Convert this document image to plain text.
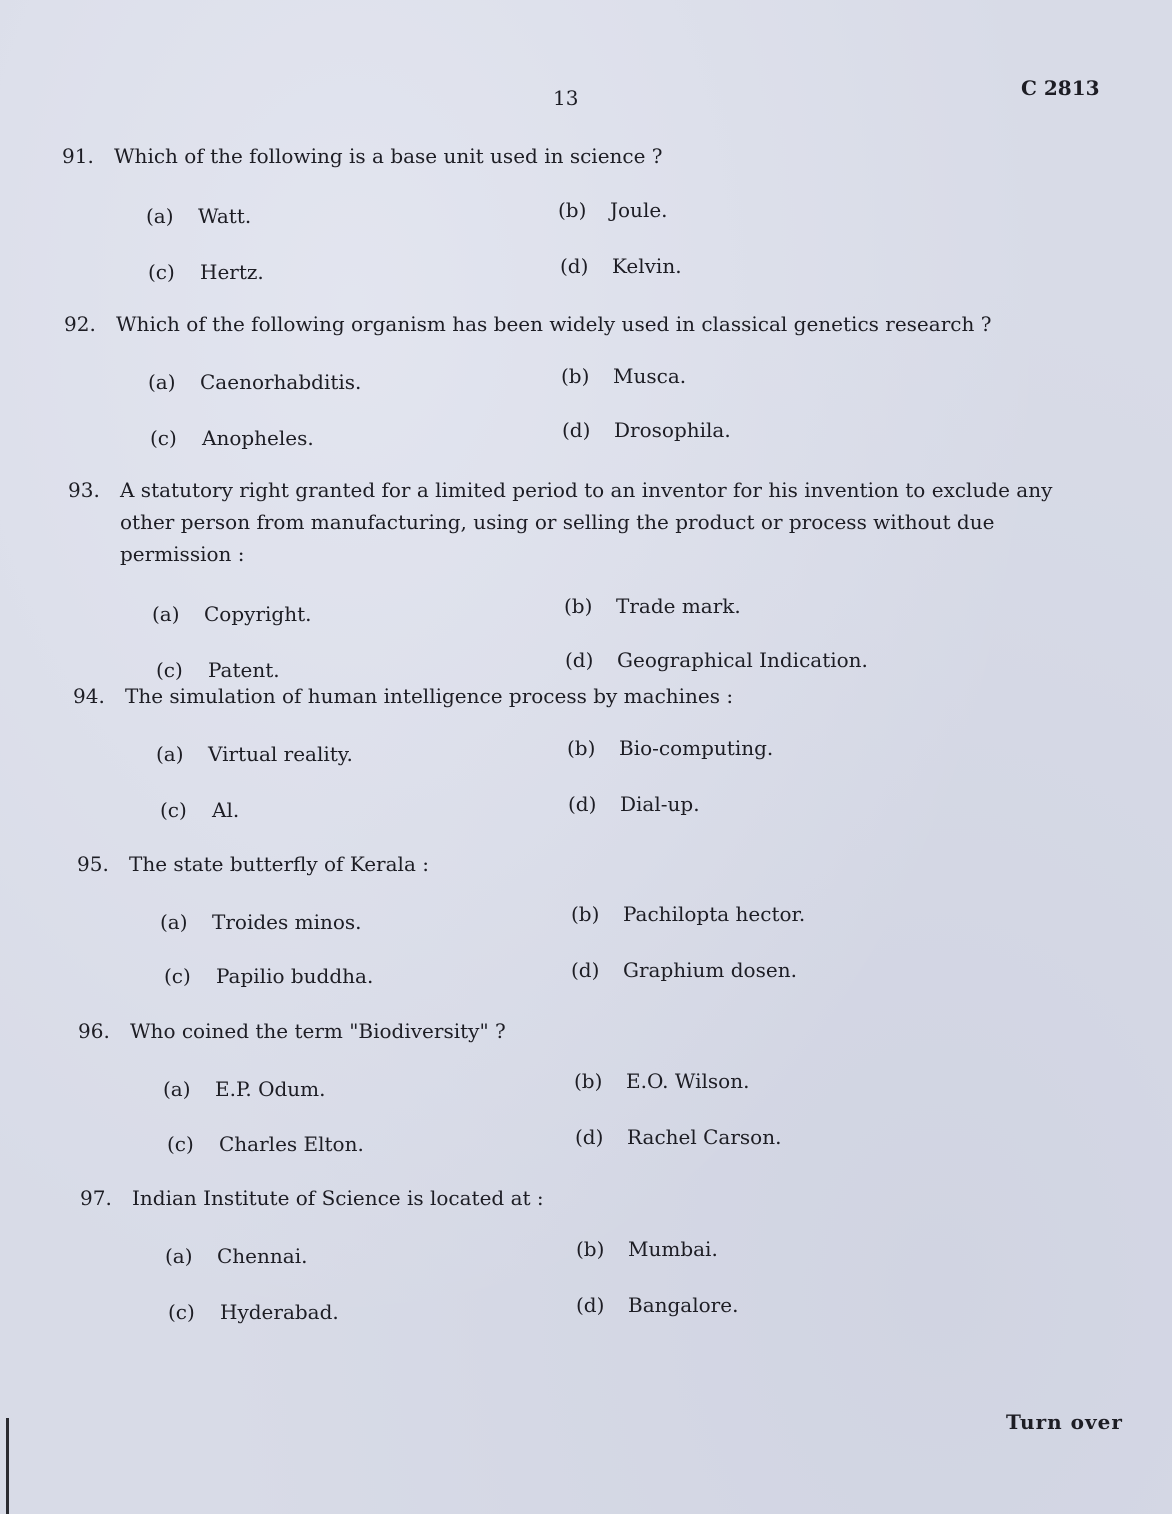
13	C 2813
91.	Which of the following is a base unit used in science ?
(a)	Watt.	(b)	Joule.
(c)	Hertz.	(d)	Kelvin.
92.	Which of the following organism has been widely used in classical genetics research ?
(a)	Caenorhabditis.	(b)	Musca.
(c)	Anopheles.	(d)	Drosophila.
93.	A statutory right granted for a limited period to an inventor for his invention to exclude any other person from manufacturing, using or selling the product or process without due permission :
(a)	Copyright.	(b)	Trade mark.
(c)	Patent.	(d)	Geographical Indication.
94.	The simulation of human intelligence process by machines :
(a)	Virtual reality.	(b)	Bio-computing.
(c)	Al.	(d)	Dial-up.
95.	The state butterfly of Kerala :
(a)	Troides minos.	(b)	Pachilopta hector.
(c)	Papilio buddha.	(d)	Graphium dosen.
96.	Who coined the term "Biodiversity" ?
(a)	E.P. Odum.	(b)	E.O. Wilson.
(c)	Charles Elton.	(d)	Rachel Carson.
97.	Indian Institute of Science is located at :
(a)	Chennai.	(b)	Mumbai.
(c)	Hyderabad.	(d)	Bangalore.
Turn over
